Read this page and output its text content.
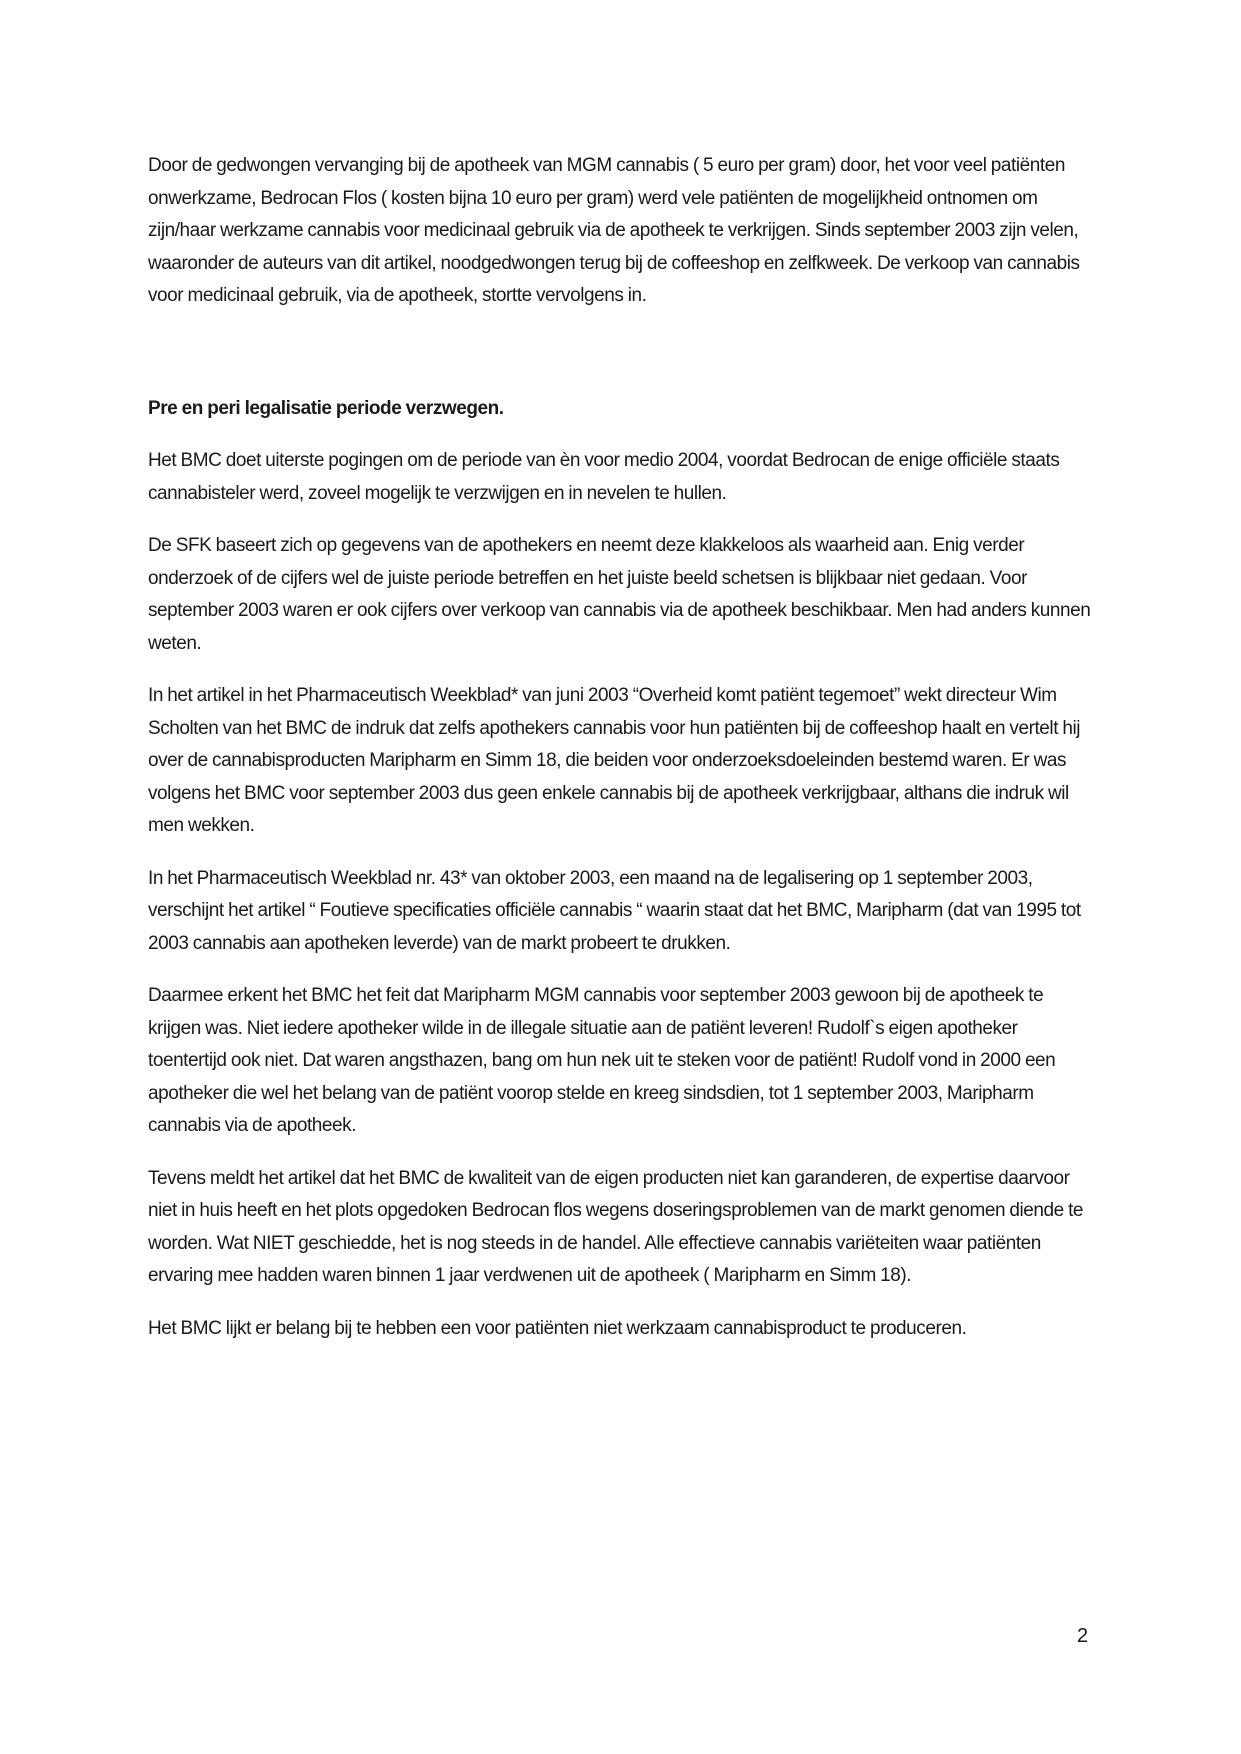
Door de gedwongen vervanging bij de apotheek van MGM cannabis ( 5 euro per gram) door, het voor veel patiënten onwerkzame, Bedrocan Flos ( kosten bijna 10 euro per gram) werd vele patiënten de mogelijkheid ontnomen om zijn/haar werkzame cannabis voor medicinaal gebruik via de apotheek te verkrijgen. Sinds september 2003 zijn velen, waaronder de auteurs van dit artikel, noodgedwongen terug bij de coffeeshop en zelfkweek. De verkoop van cannabis voor medicinaal gebruik, via de apotheek, stortte vervolgens in.

Pre en peri legalisatie periode verzwegen.

Het BMC doet uiterste pogingen om de periode van èn voor medio 2004, voordat Bedrocan de enige officiële staats cannabisteler werd, zoveel mogelijk te verzwijgen en in nevelen te hullen.

De SFK baseert zich op gegevens van de apothekers en neemt deze klakkeloos als waarheid aan. Enig verder onderzoek of de cijfers wel de juiste periode betreffen en het juiste beeld schetsen is blijkbaar niet gedaan. Voor september 2003 waren er ook cijfers over verkoop van cannabis via de apotheek beschikbaar. Men had anders kunnen weten.

In het artikel in het Pharmaceutisch Weekblad* van juni 2003 “Overheid komt patiënt tegemoet” wekt directeur Wim Scholten van het BMC de indruk dat zelfs apothekers cannabis voor hun patiënten bij de coffeeshop haalt en vertelt hij over de cannabisproducten Maripharm en Simm 18, die beiden voor onderzoeksdoeleinden bestemd waren. Er was volgens het BMC voor september 2003 dus geen enkele cannabis bij de apotheek verkrijgbaar, althans die indruk wil men wekken.

In het Pharmaceutisch Weekblad nr. 43* van oktober 2003, een maand na de legalisering op 1 september 2003, verschijnt het artikel “ Foutieve specificaties officiële cannabis “ waarin staat dat het BMC, Maripharm (dat van 1995 tot 2003 cannabis aan apotheken leverde) van de markt probeert te drukken.

Daarmee erkent het BMC het feit dat Maripharm MGM cannabis voor september 2003 gewoon bij de apotheek te krijgen was. Niet iedere apotheker wilde in de illegale situatie aan de patiënt leveren! Rudolf`s eigen apotheker toentertijd ook niet. Dat waren angsthazen, bang om hun nek uit te steken voor de patiënt! Rudolf vond in 2000 een apotheker die wel het belang van de patiënt voorop stelde en kreeg sindsdien, tot 1 september 2003, Maripharm cannabis via de apotheek.

Tevens meldt het artikel dat het BMC de kwaliteit van de eigen producten niet kan garanderen, de expertise daarvoor niet in huis heeft en het plots opgedoken Bedrocan flos wegens doseringsproblemen van de markt genomen diende te worden. Wat NIET geschiedde, het is nog steeds in de handel. Alle effectieve cannabis variëteiten waar patiënten ervaring mee hadden waren binnen 1 jaar verdwenen uit de apotheek ( Maripharm en Simm 18).

Het BMC lijkt er belang bij te hebben een voor patiënten niet werkzaam cannabisproduct te produceren.

2
